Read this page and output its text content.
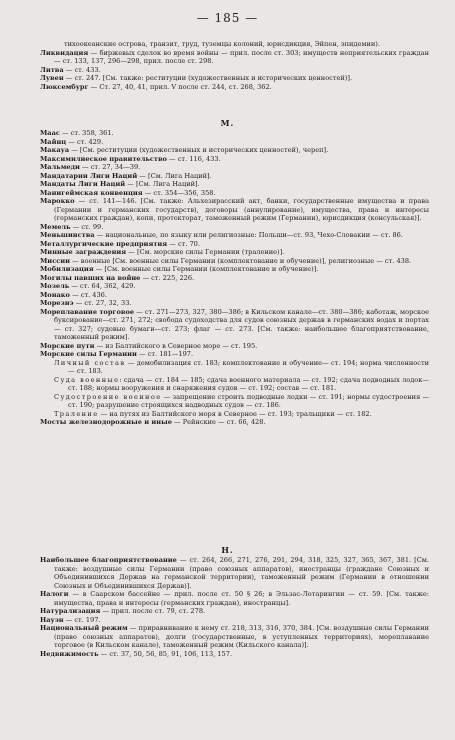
— 185 —
тихоокеанские острова, транзит, труд, туземцы колоний, юрисдикция, Эйпен, эпидемии).
Ликвидация — биржевых сделок во время войны — прил. после ст. 303; имуществ неприятельских граждан — ст. 133, 137, 296—298, прил. после ст. 298.
Литва — ст. 433.
Лувен — ст. 247. [См. также: реституции (художественных и исторических ценностей)].
Люксембург — Ст. 27, 40, 41, прил. V после ст. 244, ст. 268, 362.
М.
Маас — ст. 358, 361.
Майнц — ст. 429.
Макауа — [См. реституции (художественных и исторических ценностей), череп].
Максимилиеское правительство — ст. 116, 433.
Мальмеди — ст. 27, 34—39.
Мандатарии Лиги Наций — [См. Лига Наций].
Мандаты Лиги Наций — [См. Лига Наций].
Манигеймская конвенция — ст. 354—356, 358.
Марокко — ст. 141—146. [См. также: Альхезирасский акт, банки, государственные имущества и права (Германии и германских государств), договоры (аннулирование), имущества, права и интересы (германских граждан), копи, протекторат, таможенный режим (Германии), юрисдикция (консульская)].
Мемель — ст. 99.
Меньшинства — национальные, по языку или религиозные: Польши—ст. 93, Чехо-Словакии — ст. 86.
Металлургические предприятия — ст. 70.
Минные заграждения — [См. морские силы Германии (траление)].
Миссии — военные [См. военные силы Германии (комплектование и обучение)], религиозные — ст. 438.
Мобилизация — [См. военные силы Германии (комплектование и обучение)].
Могилы павших на войне — ст. 225, 226.
Мозель — ст. 64, 362, 429.
Монако — ст. 436.
Морезнэ — ст. 27, 32, 33.
Мореплавание торговое — ст. 271—273, 327, 380—386; в Кильском канале—ст. 380—386; каботаж, морское буксирование—ст. 271, 272; свобода судоходства для судов союзных держав в германских водах и портах — ст. 327; судовые бумаги—ст. 273; флаг — ст. 273. [См. также: наибольшее благоприятствование, таможенный режим].
Морские пути — из Балтийского в Северное море — ст. 195.
Морские силы Германии — ст. 181—197.
Личный состав — демобилизация ст. 183; комплектование и обучение— ст. 194; норма численности — ст. 183.
Суда военные: сдача — ст. 184 — 185; сдача военного материала — ст. 192; сдача подводных лодок—ст. 188; нормы вооружения и снаряжения судов — ст. 192; состав — ст. 181.
Судостроение военное — запрещение строить подводные лодки — ст. 191; нормы судостроения — ст. 190; разрушение строящихся надводных судов — ст. 186.
Траление — на путях из Балтийского моря в Северное — ст. 193; тральщики — ст. 182.
Мосты железнодорожные и иные — Рейнские — ст. 66, 428.
Н.
Наибольшее благоприятствование — ст. 264, 266, 271, 276, 291, 294, 318, 325, 327, 365, 367, 381. [См. также: воздушные силы Германии (право союзных аппаратов), иностранцы (граждане Союзных и Объединившихся Держав на германской территории), таможенный режим (Германии в отношении Союзных и Объединившихся Держав)].
Налоги — в Саарском бассейне — прил. после ст. 50 § 26; в Эльзас-Лотарингии — ст. 59. [См. также: имущества, права и интересы (германских граждан), иностранцы].
Натурализация — прил. после ст. 79, ст. 278.
Науэн — ст. 197.
Национальный режим — приравнивание к нему ст. 218, 313, 316, 370, 384. [См. воздушные силы Германии (право союзных аппаратов), долги (государственные, в уступленных территориях), мореплавание торговое (в Кильском канале), таможенный режим (Кильского канала)].
Недвижимость — ст. 37, 50, 56, 85, 91, 106, 113, 157.
